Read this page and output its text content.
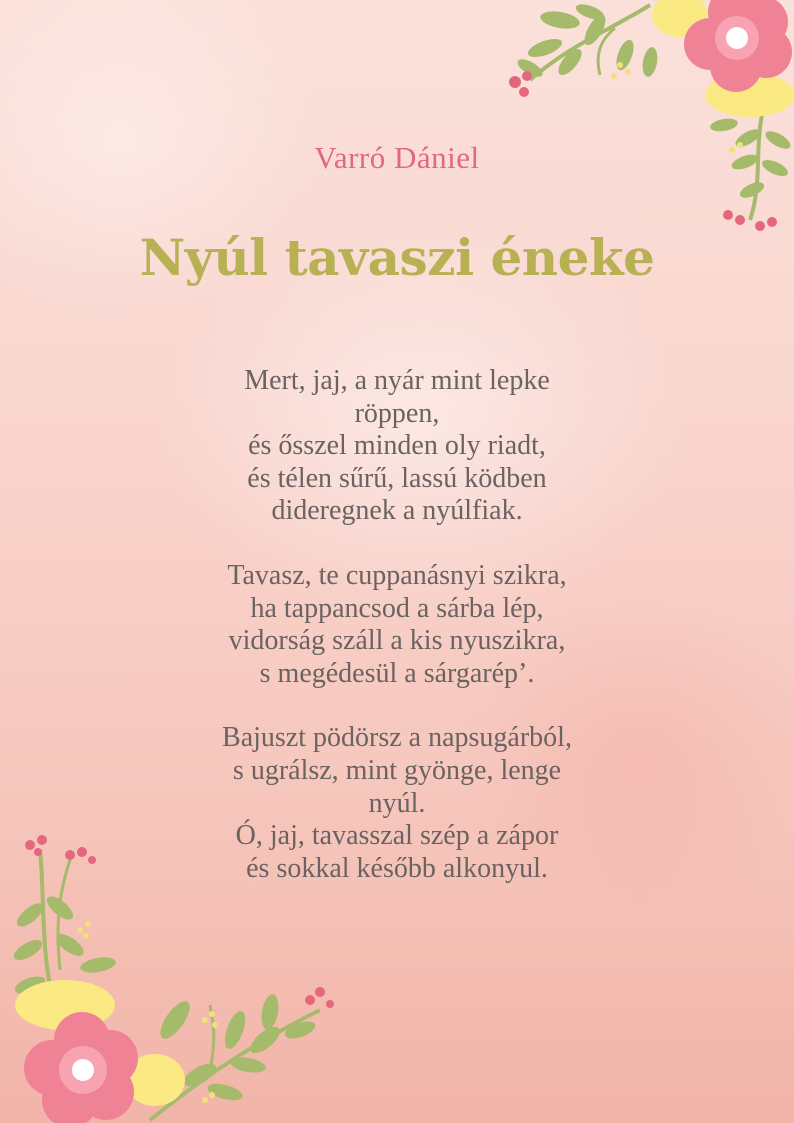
Varró Dániel
Nyúl tavaszi éneke
Mert, jaj, a nyár mint lepke
röppen,
és ősszel minden oly riadt,
és télen sűrű, lassú ködben
dideregnek a nyúlfiak.
Tavasz, te cuppanásnyi szikra,
ha tappancsod a sárba lép,
vidorság száll a kis nyuszikra,
s megédesül a sárgarép’.
Bajuszt pödörsz a napsugárból,
s ugrálsz, mint gyönge, lenge
nyúl.
Ó, jaj, tavasszal szép a zápor
és sokkal később alkonyul.
